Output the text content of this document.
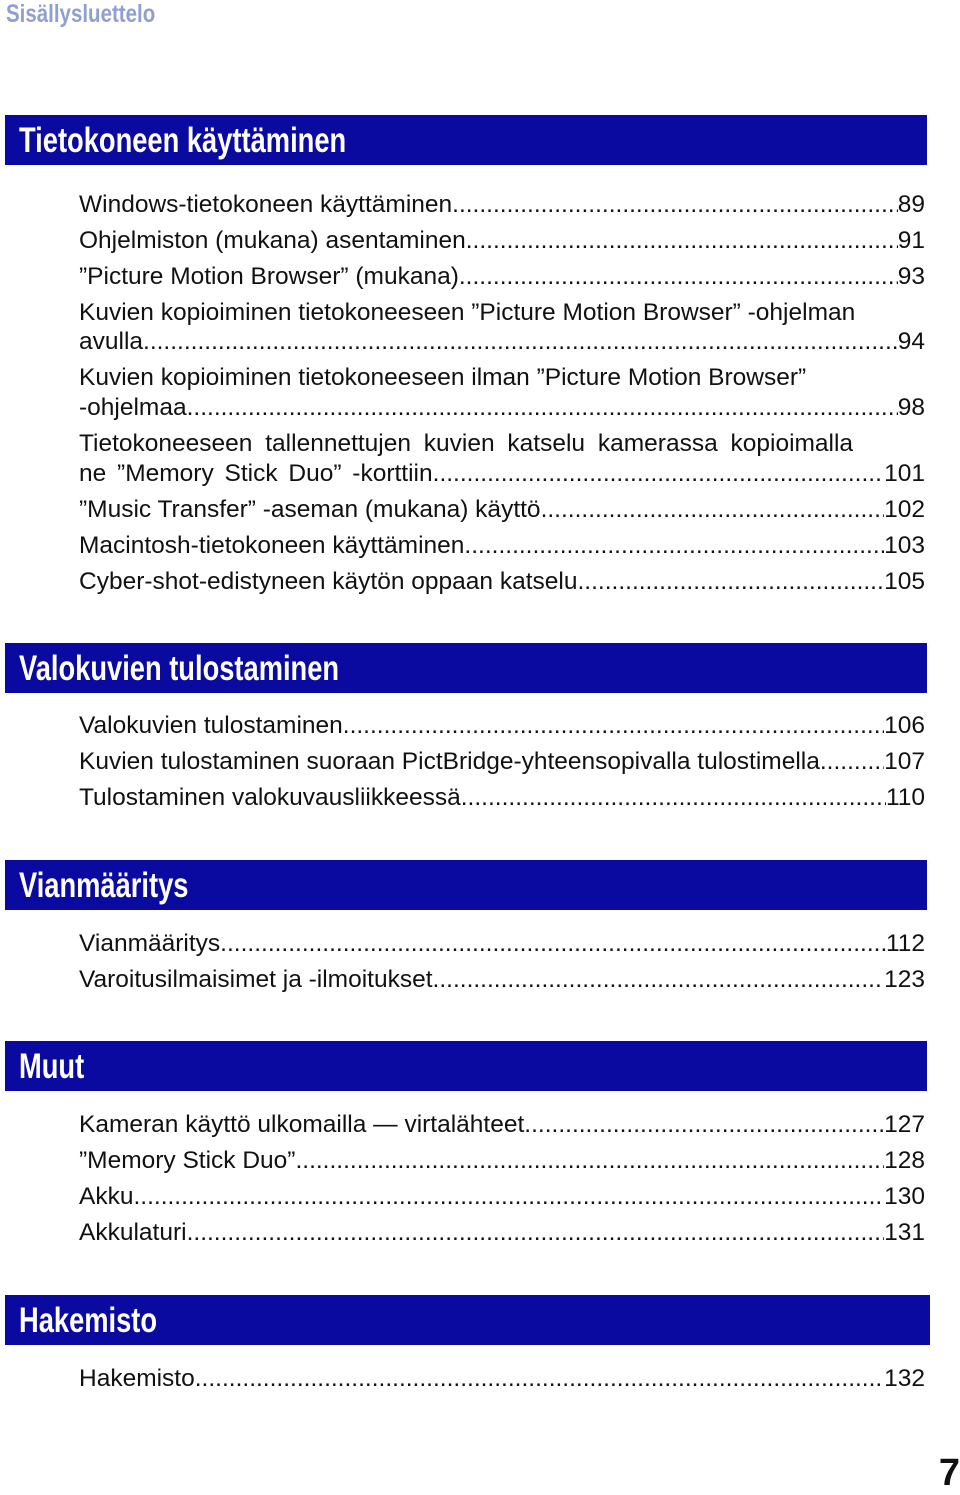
Sisällysluettelo
Tietokoneen käyttäminen
Windows-tietokoneen käyttäminen .....	89
Ohjelmiston (mukana) asentaminen .....	91
”Picture Motion Browser” (mukana) .....	93
Kuvien kopioiminen tietokoneeseen ”Picture Motion Browser” -ohjelman
avulla .....	94
Kuvien kopioiminen tietokoneeseen ilman ”Picture Motion Browser”
-ohjelmaa .....	98
Tietokoneeseen tallennettujen kuvien katselu kamerassa kopioimalla
ne ”Memory Stick Duo” -korttiin .....	101
”Music Transfer” -aseman (mukana) käyttö .....	102
Macintosh-tietokoneen käyttäminen .....	103
Cyber-shot-edistyneen käytön oppaan katselu .....	105
Valokuvien tulostaminen
Valokuvien tulostaminen .....	106
Kuvien tulostaminen suoraan PictBridge-yhteensopivalla tulostimella .....	107
Tulostaminen valokuvausliikkeessä .....	110
Vianmääritys
Vianmääritys .....	112
Varoitusilmaisimet ja -ilmoitukset .....	123
Muut
Kameran käyttö ulkomailla — virtalähteet .....	127
”Memory Stick Duo” .....	128
Akku .....	130
Akkulaturi .....	131
Hakemisto
Hakemisto .....	132
7
